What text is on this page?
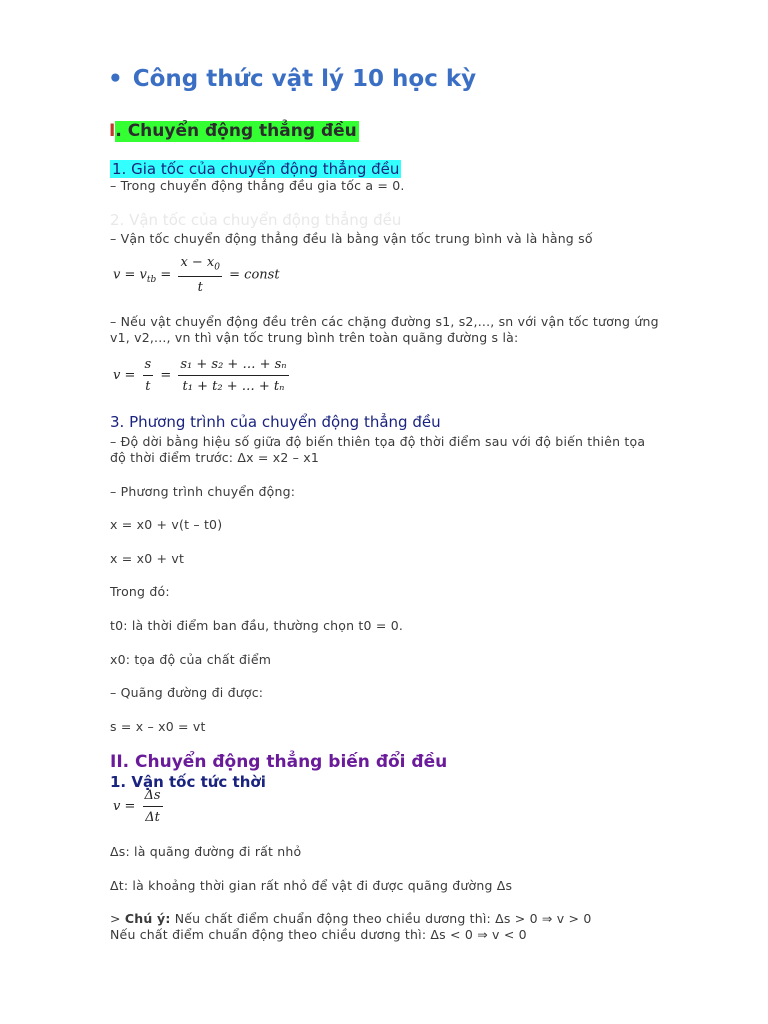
• Công thức vật lý 10 học kỳ
I. Chuyển động thẳng đều
1. Gia tốc của chuyển động thẳng đều
– Trong chuyển động thẳng đều gia tốc a = 0.
2. Vận tốc của chuyển động thẳng đều
– Vận tốc chuyển động thẳng đều là bằng vận tốc trung bình và là hằng số
$v = v_{tb} = \frac{x - x_0}{t}$ = const
– Nếu vật chuyển động đều trên các chặng đường s1, s2,..., sn với vận tốc tương ứng
v1, v2,..., vn thì vận tốc trung bình trên toàn quãng đường s là:
$v = \frac{s}{t} = \frac{\text{s₁ + s₂ + … + sₙ}}{\text{t₁ + t₂ + … + tₙ}}$
3. Phương trình của chuyển động thẳng đều
– Độ dời bằng hiệu số giữa độ biến thiên tọa độ thời điểm sau với độ biến thiên tọa
độ thời điểm trước: Δx = x2 – x1
– Phương trình chuyển động:
x = x0 + v(t – t0)
x = x0 + vt
Trong đó:
t0: là thời điểm ban đầu, thường chọn t0 = 0.
x0: tọa độ của chất điểm
– Quãng đường đi được:
s = x – x0 = vt
II. Chuyển động thẳng biến đổi đều
1. Vận tốc tức thời
$v = \frac{\Delta s}{\Delta t}$
Δs: là quãng đường đi rất nhỏ
Δt: là khoảng thời gian rất nhỏ để vật đi được quãng đường Δs
> Chú ý: Nếu chất điểm chuẩn động theo chiều dương thì: Δs > 0 ⇒ v > 0
Nếu chất điểm chuẩn động theo chiều dương thì: Δs < 0 ⇒ v < 0
